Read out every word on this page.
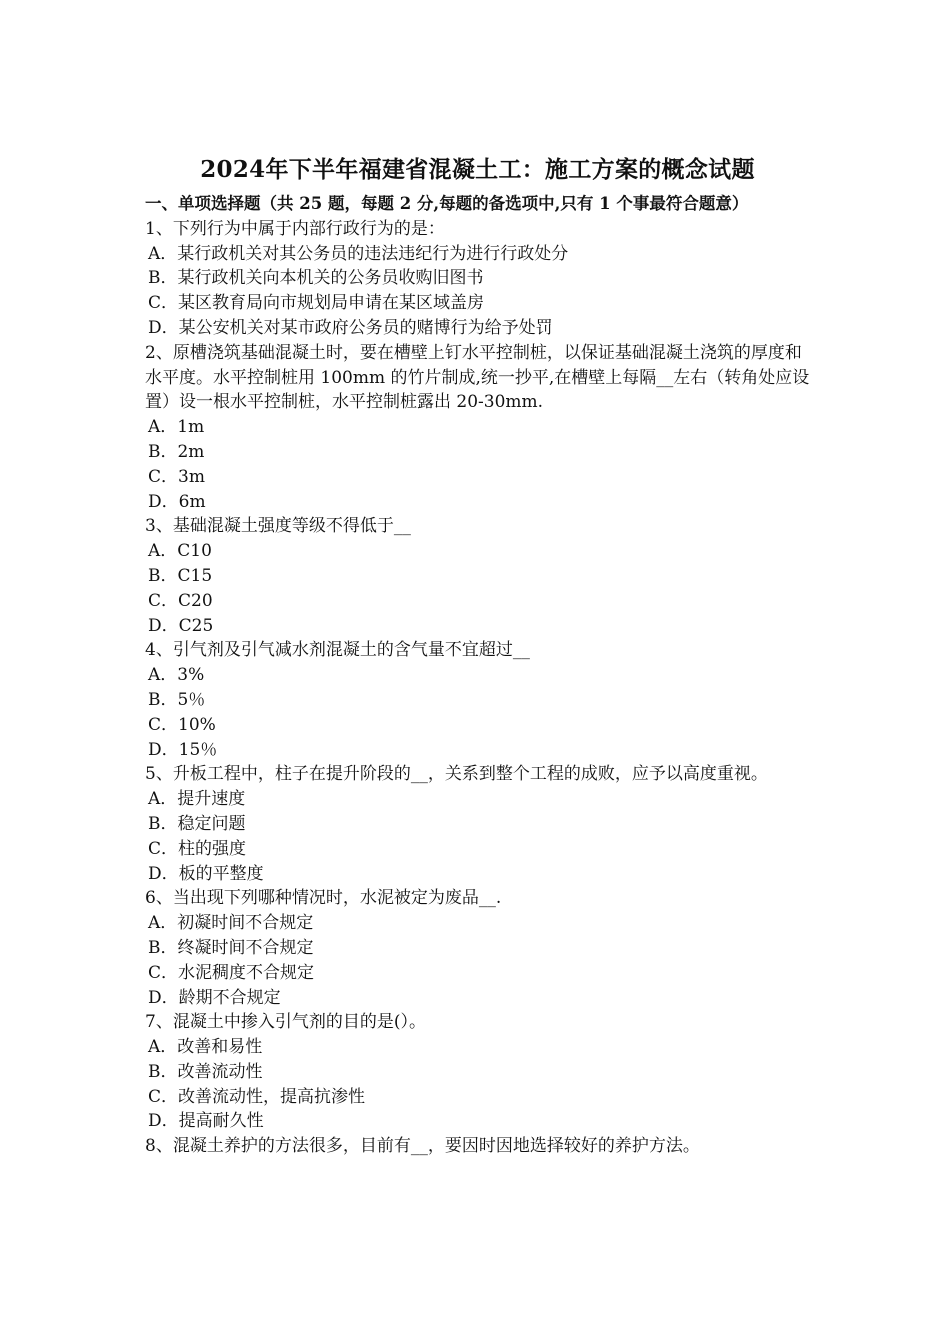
2024年下半年福建省混凝土工：施工方案的概念试题

一、单项选择题（共 25 题，每题 2 分,每题的备选项中,只有 1 个事最符合题意）

1、下列行为中属于内部行政行为的是：

A．某行政机关对其公务员的违法违纪行为进行行政处分

B．某行政机关向本机关的公务员收购旧图书

C．某区教育局向市规划局申请在某区域盖房

D．某公安机关对某市政府公务员的赌博行为给予处罚

2、原槽浇筑基础混凝土时，要在槽壁上钉水平控制桩，以保证基础混凝土浇筑的厚度和水平度。水平控制桩用 100mm 的竹片制成,统一抄平,在槽壁上每隔__左右（转角处应设置）设一根水平控制桩，水平控制桩露出 20-30mm.

A．1m

B．2m

C．3m

D．6m

3、基础混凝土强度等级不得低于__

A．C10

B．C15

C．C20

D．C25

4、引气剂及引气减水剂混凝土的含气量不宜超过__

A．3%

B．5％

C．10%

D．15％

5、升板工程中，柱子在提升阶段的__，关系到整个工程的成败，应予以高度重视。

A．提升速度

B．稳定问题

C．柱的强度

D．板的平整度

6、当出现下列哪种情况时，水泥被定为废品__.

A．初凝时间不合规定

B．终凝时间不合规定

C．水泥稠度不合规定

D．龄期不合规定

7、混凝土中掺入引气剂的目的是(）。

A．改善和易性

B．改善流动性

C．改善流动性，提高抗渗性

D．提高耐久性

8、混凝土养护的方法很多，目前有__，要因时因地选择较好的养护方法。
